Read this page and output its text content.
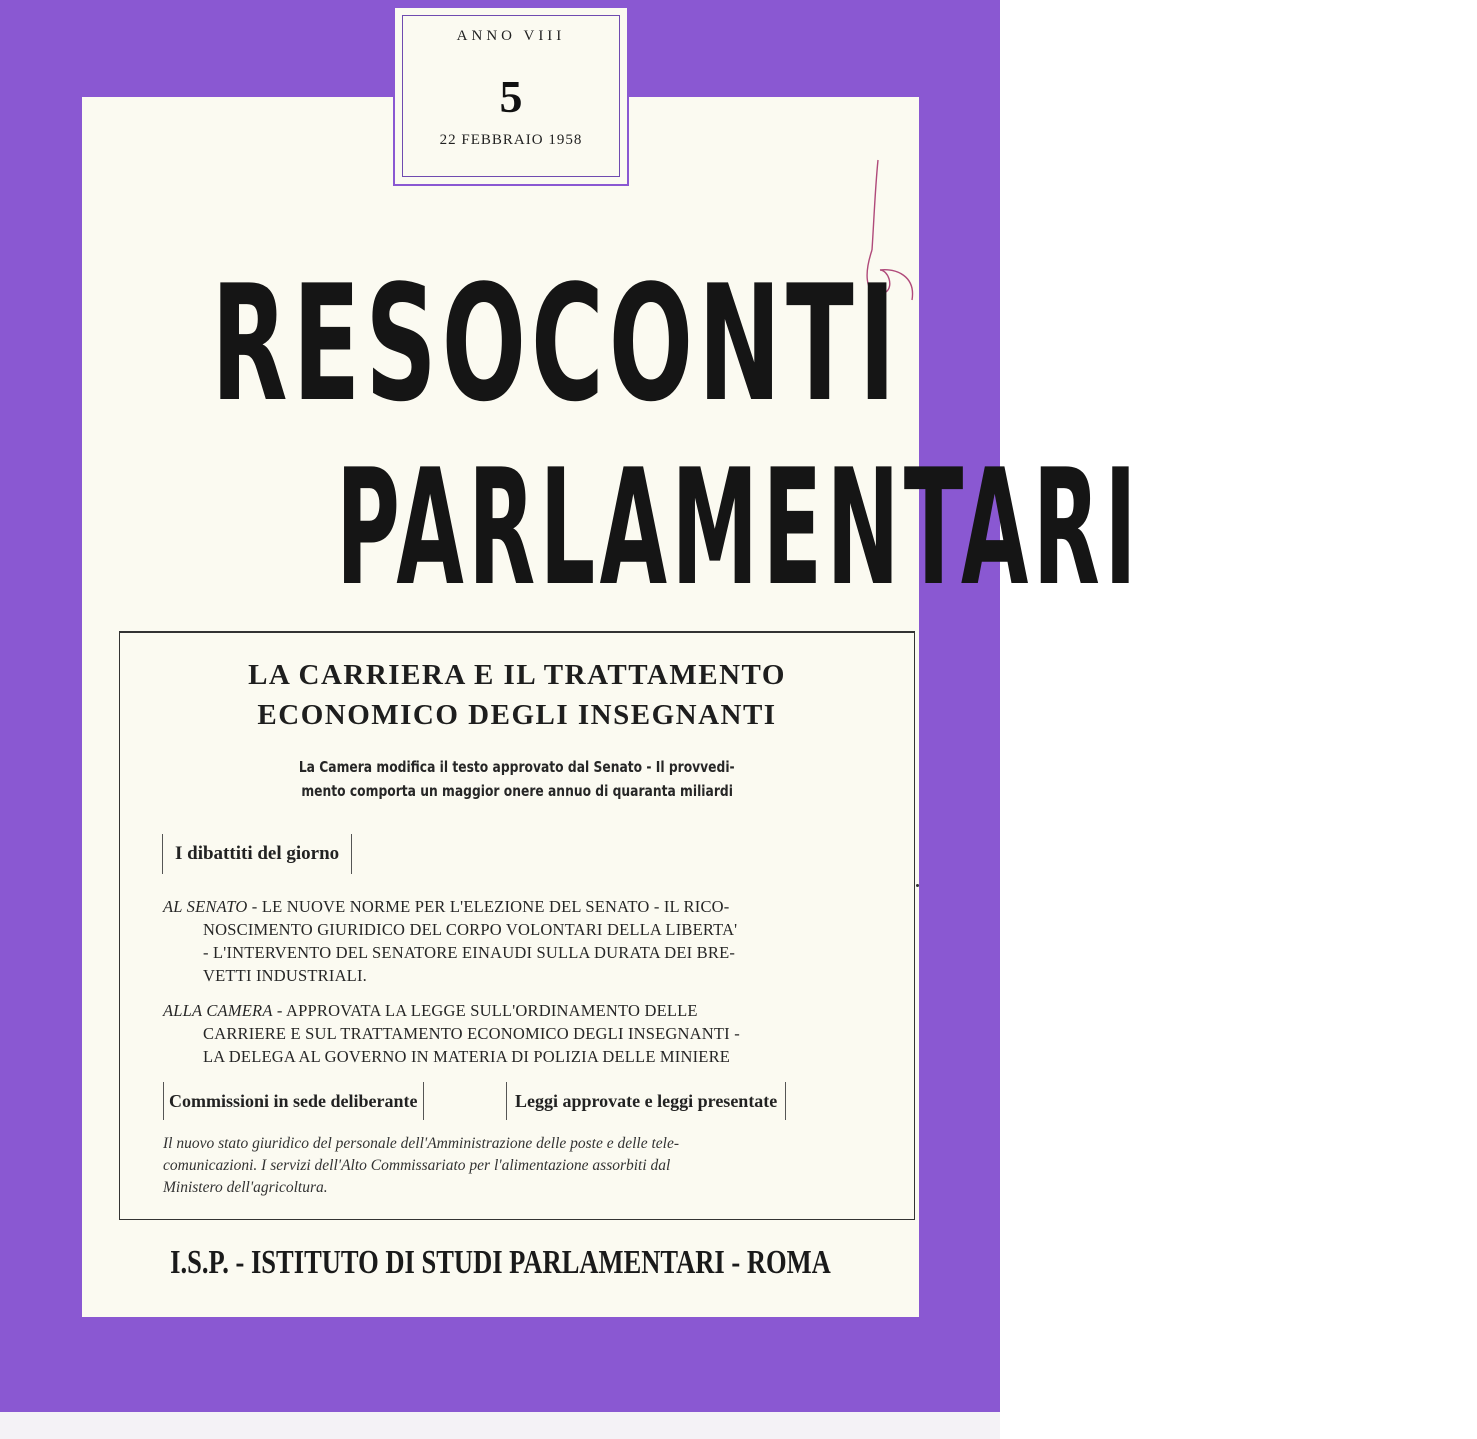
ANNO VIII
5
22 FEBBRAIO 1958
RESOCONTI
PARLAMENTARI
LA CARRIERA E IL TRATTAMENTO
ECONOMICO DEGLI INSEGNANTI
La Camera modifica il testo approvato dal Senato - Il provvedi-
mento comporta un maggior onere annuo di quaranta miliardi
I dibattiti del giorno
AL SENATO - LE NUOVE NORME PER L'ELEZIONE DEL SENATO - IL RICO-
NOSCIMENTO GIURIDICO DEL CORPO VOLONTARI DELLA LIBERTA'
- L'INTERVENTO DEL SENATORE EINAUDI SULLA DURATA DEI BRE-
VETTI INDUSTRIALI.
ALLA CAMERA - APPROVATA LA LEGGE SULL'ORDINAMENTO DELLE
CARRIERE E SUL TRATTAMENTO ECONOMICO DEGLI INSEGNANTI -
LA DELEGA AL GOVERNO IN MATERIA DI POLIZIA DELLE MINIERE
Commissioni in sede deliberante	Leggi approvate e leggi presentate
Il nuovo stato giuridico del personale dell'Amministrazione delle poste e delle tele-
comunicazioni. I servizi dell'Alto Commissariato per l'alimentazione assorbiti dal
Ministero dell'agricoltura.
I.S.P. - ISTITUTO DI STUDI PARLAMENTARI - ROMA
